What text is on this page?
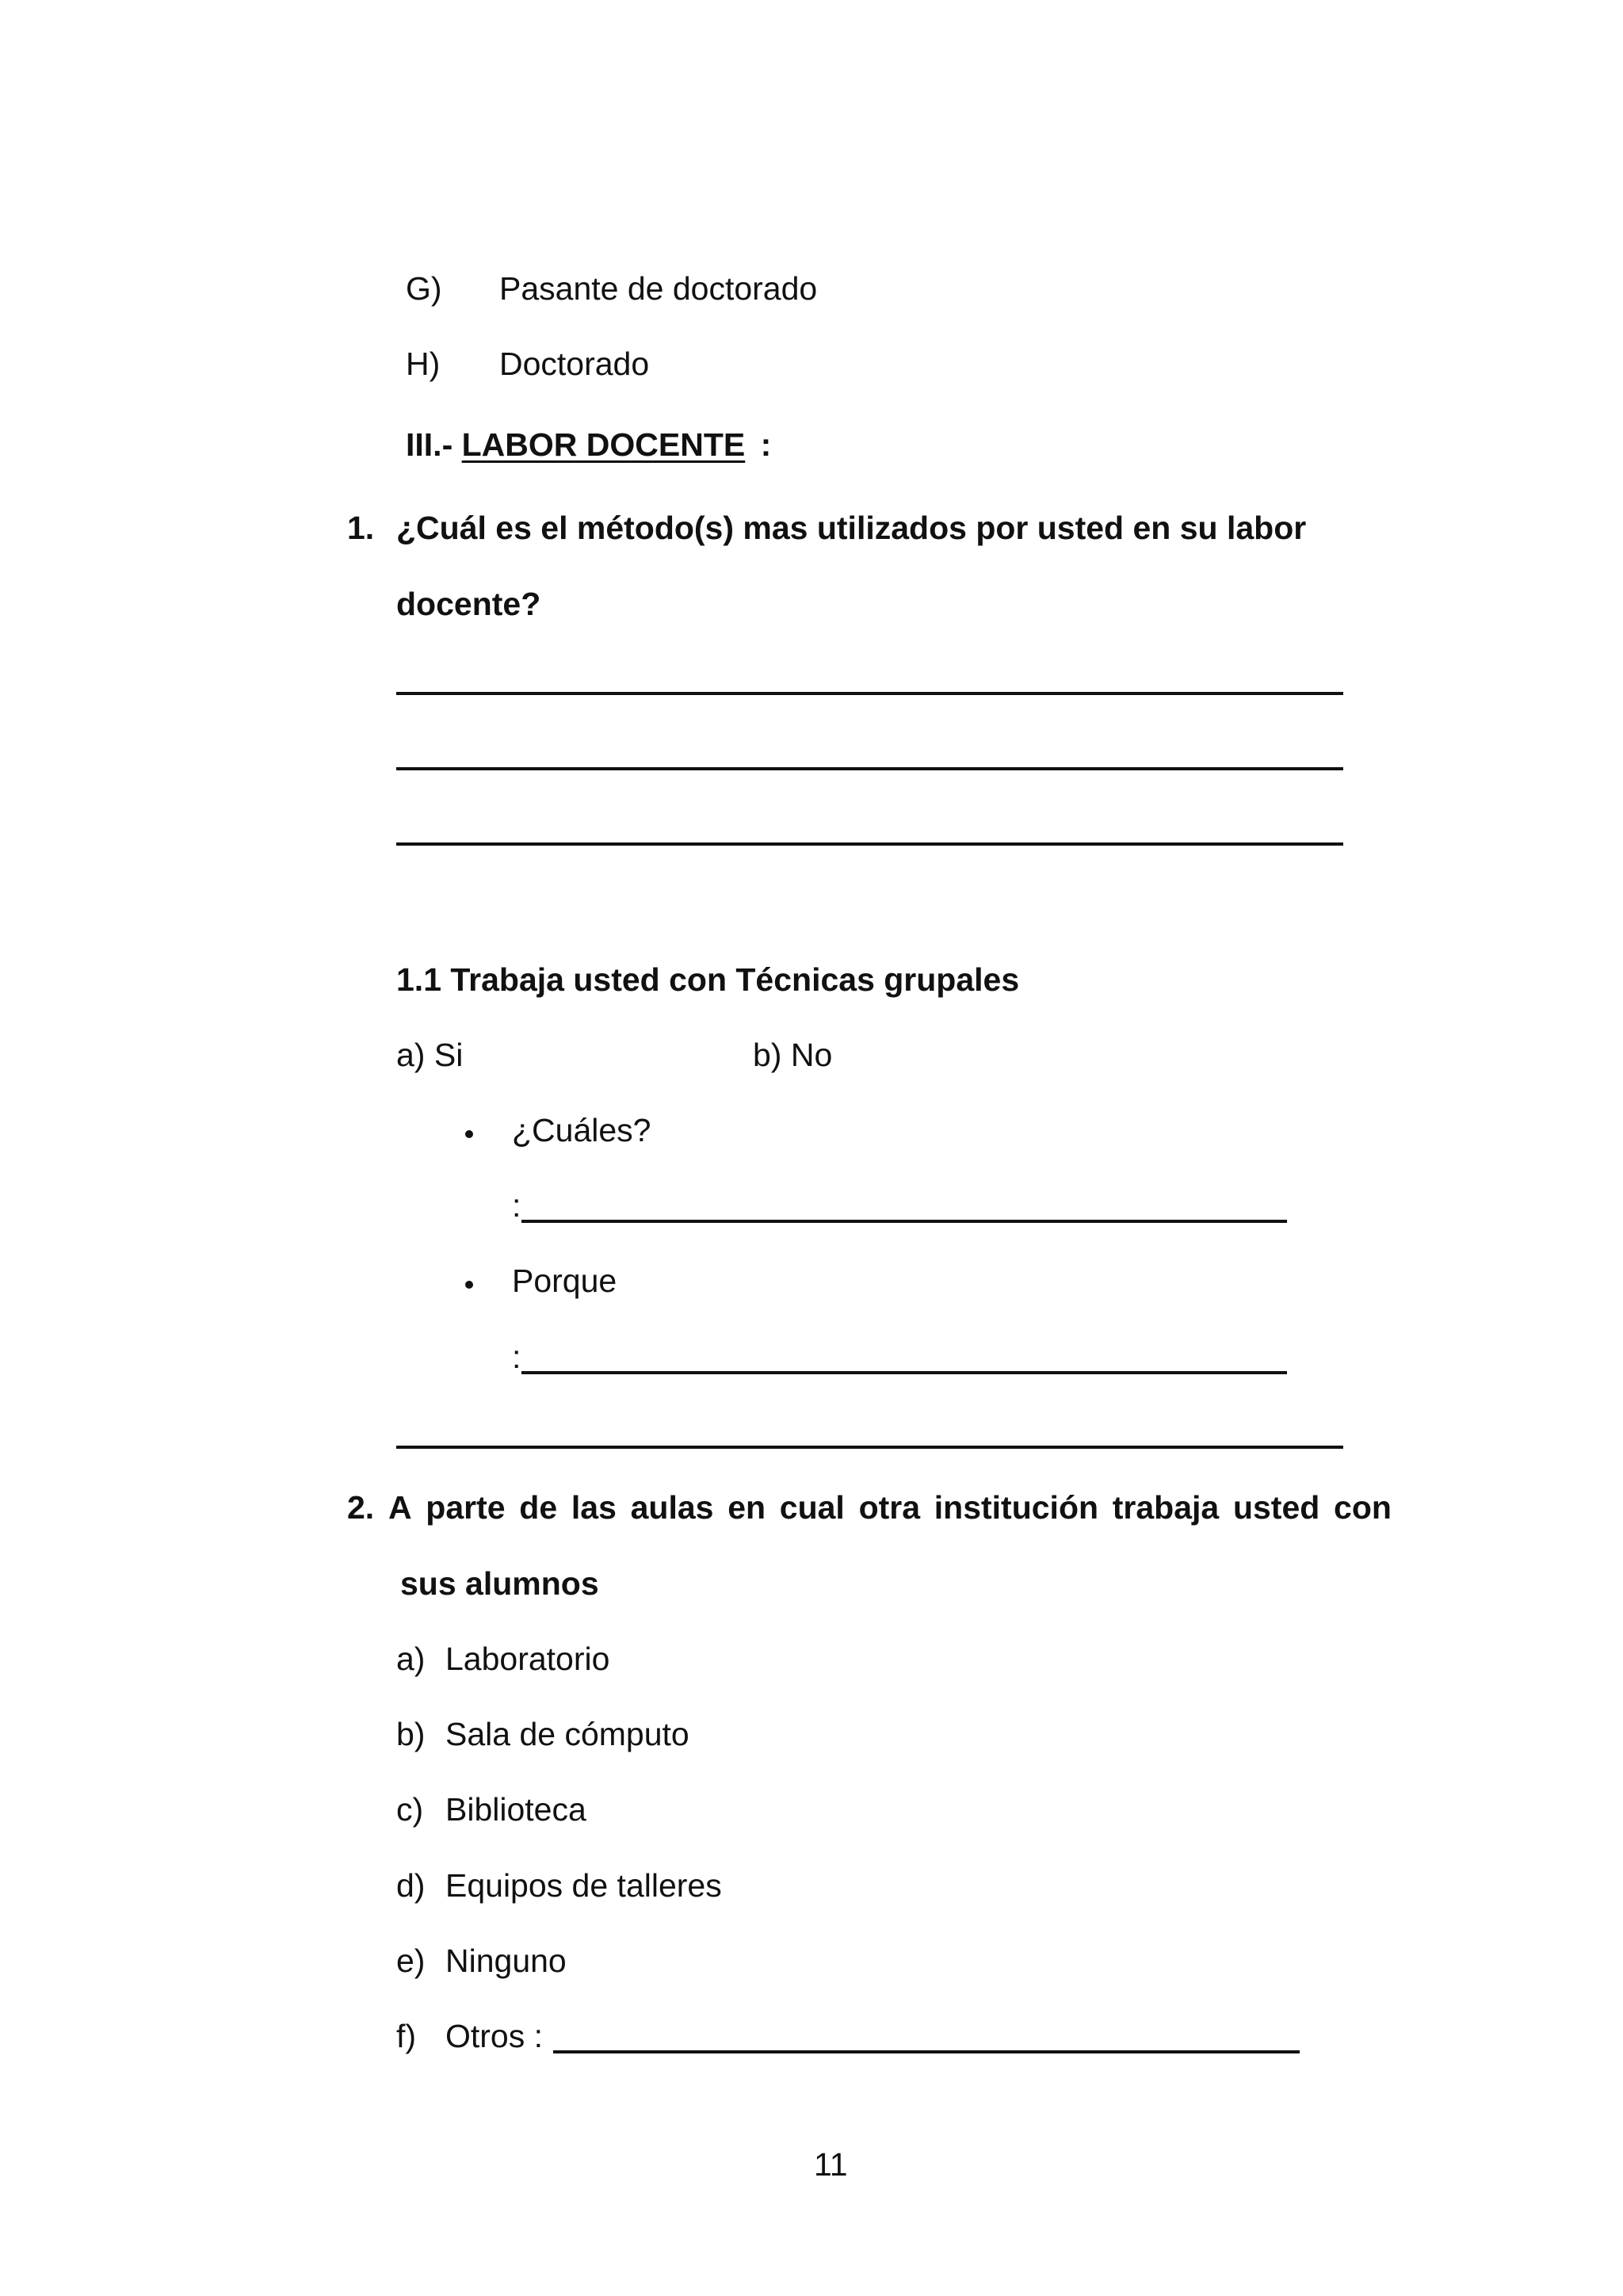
G) Pasante de doctorado
H) Doctorado
III.- LABOR DOCENTE :
1. ¿Cuál es el método(s) mas utilizados por usted en su labor
docente?
1.1 Trabaja usted con Técnicas grupales
a) Si	b) No
¿Cuáles?
:
Porque
:
2. A parte de las aulas en cual otra institución trabaja usted con
sus alumnos
a) Laboratorio
b) Sala de cómputo
c) Biblioteca
d) Equipos de talleres
e) Ninguno
f) Otros :
11
